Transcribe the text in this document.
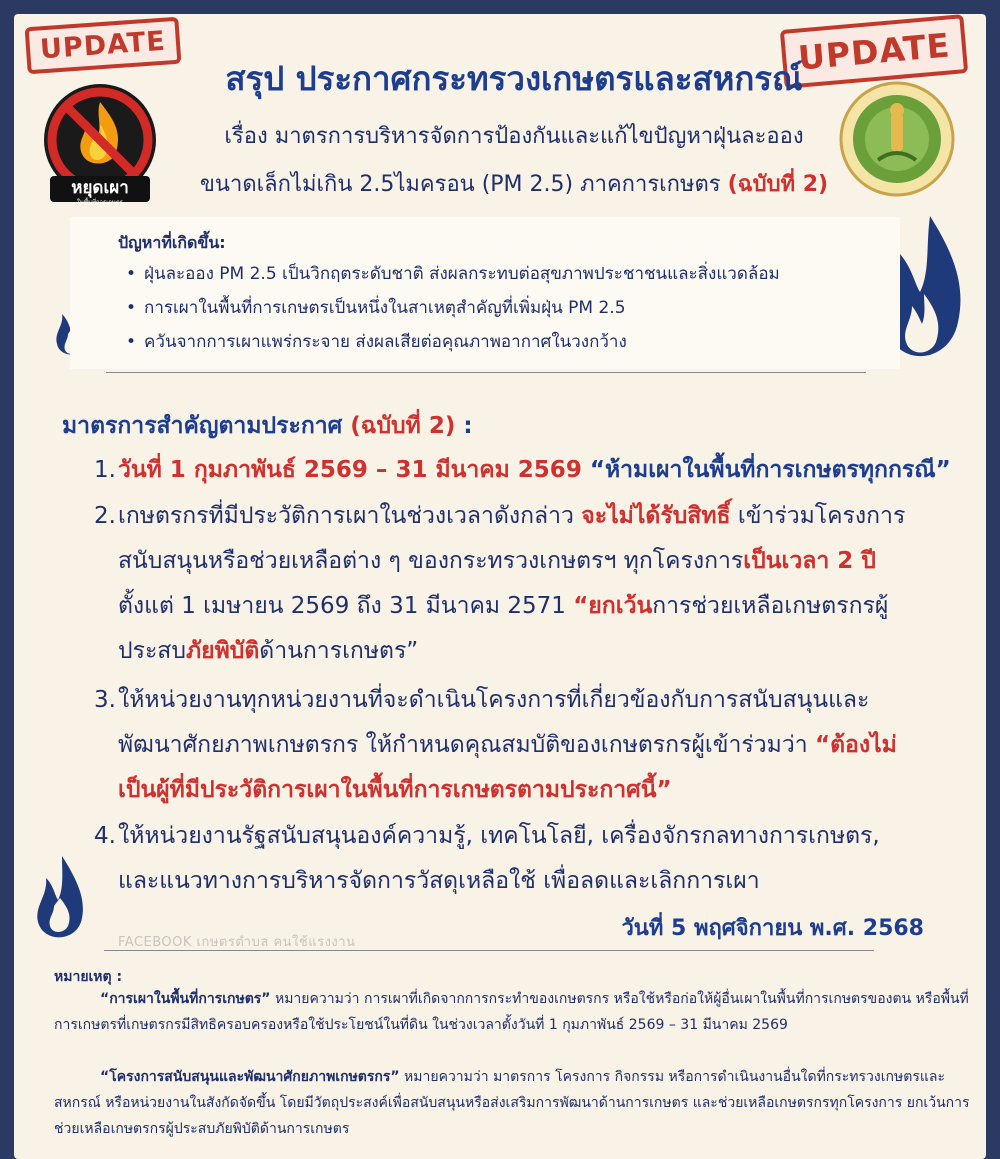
UPDATE	UPDATE
หยุดเผา
ในพื้นที่การเกษตร
สรุป ประกาศกระทรวงเกษตรและสหกรณ์
เรื่อง มาตรการบริหารจัดการป้องกันและแก้ไขปัญหาฝุ่นละออง
ขนาดเล็กไม่เกิน 2.5ไมครอน (PM 2.5) ภาคการเกษตร (ฉบับที่ 2)
ปัญหาที่เกิดขึ้น:
• ฝุ่นละออง PM 2.5 เป็นวิกฤตระดับชาติ ส่งผลกระทบต่อสุขภาพประชาชนและสิ่งแวดล้อม
• การเผาในพื้นที่การเกษตรเป็นหนึ่งในสาเหตุสำคัญที่เพิ่มฝุ่น PM 2.5
• ควันจากการเผาแพร่กระจาย ส่งผลเสียต่อคุณภาพอากาศในวงกว้าง
มาตรการสำคัญตามประกาศ (ฉบับที่ 2) :
1.วันที่ 1 กุมภาพันธ์ 2569 – 31 มีนาคม 2569 “ห้ามเผาในพื้นที่การเกษตรทุกกรณี”
2.เกษตรกรที่มีประวัติการเผาในช่วงเวลาดังกล่าว จะไม่ได้รับสิทธิ์ เข้าร่วมโครงการ
สนับสนุนหรือช่วยเหลือต่าง ๆ ของกระทรวงเกษตรฯ ทุกโครงการเป็นเวลา 2 ปี
ตั้งแต่ 1 เมษายน 2569 ถึง 31 มีนาคม 2571 “ยกเว้นการช่วยเหลือเกษตรกรผู้
ประสบภัยพิบัติด้านการเกษตร”
3.ให้หน่วยงานทุกหน่วยงานที่จะดำเนินโครงการที่เกี่ยวข้องกับการสนับสนุนและ
พัฒนาศักยภาพเกษตรกร ให้กำหนดคุณสมบัติของเกษตรกรผู้เข้าร่วมว่า “ต้องไม่
เป็นผู้ที่มีประวัติการเผาในพื้นที่การเกษตรตามประกาศนี้”
4.ให้หน่วยงานรัฐสนับสนุนองค์ความรู้, เทคโนโลยี, เครื่องจักรกลทางการเกษตร,
และแนวทางการบริหารจัดการวัสดุเหลือใช้ เพื่อลดและเลิกการเผา
FACEBOOK เกษตรตำบล คนใช้แรงงาน
วันที่ 5 พฤศจิกายน พ.ศ. 2568
หมายเหตุ :
“การเผาในพื้นที่การเกษตร” หมายความว่า การเผาที่เกิดจากการกระทำของเกษตรกร หรือใช้หรือก่อให้ผู้อื่นเผาในพื้นที่การเกษตรของตน หรือพื้นที่การเกษตรที่เกษตรกรมีสิทธิครอบครองหรือใช้ประโยชน์ในที่ดิน ในช่วงเวลาตั้งวันที่ 1 กุมภาพันธ์ 2569 – 31 มีนาคม 2569
“โครงการสนับสนุนและพัฒนาศักยภาพเกษตรกร” หมายความว่า มาตรการ โครงการ กิจกรรม หรือการดำเนินงานอื่นใดที่กระทรวงเกษตรและสหกรณ์ หรือหน่วยงานในสังกัดจัดขึ้น โดยมีวัตถุประสงค์เพื่อสนับสนุนหรือส่งเสริมการพัฒนาด้านการเกษตร และช่วยเหลือเกษตรกรทุกโครงการ ยกเว้นการช่วยเหลือเกษตรกรผู้ประสบภัยพิบัติด้านการเกษตร
